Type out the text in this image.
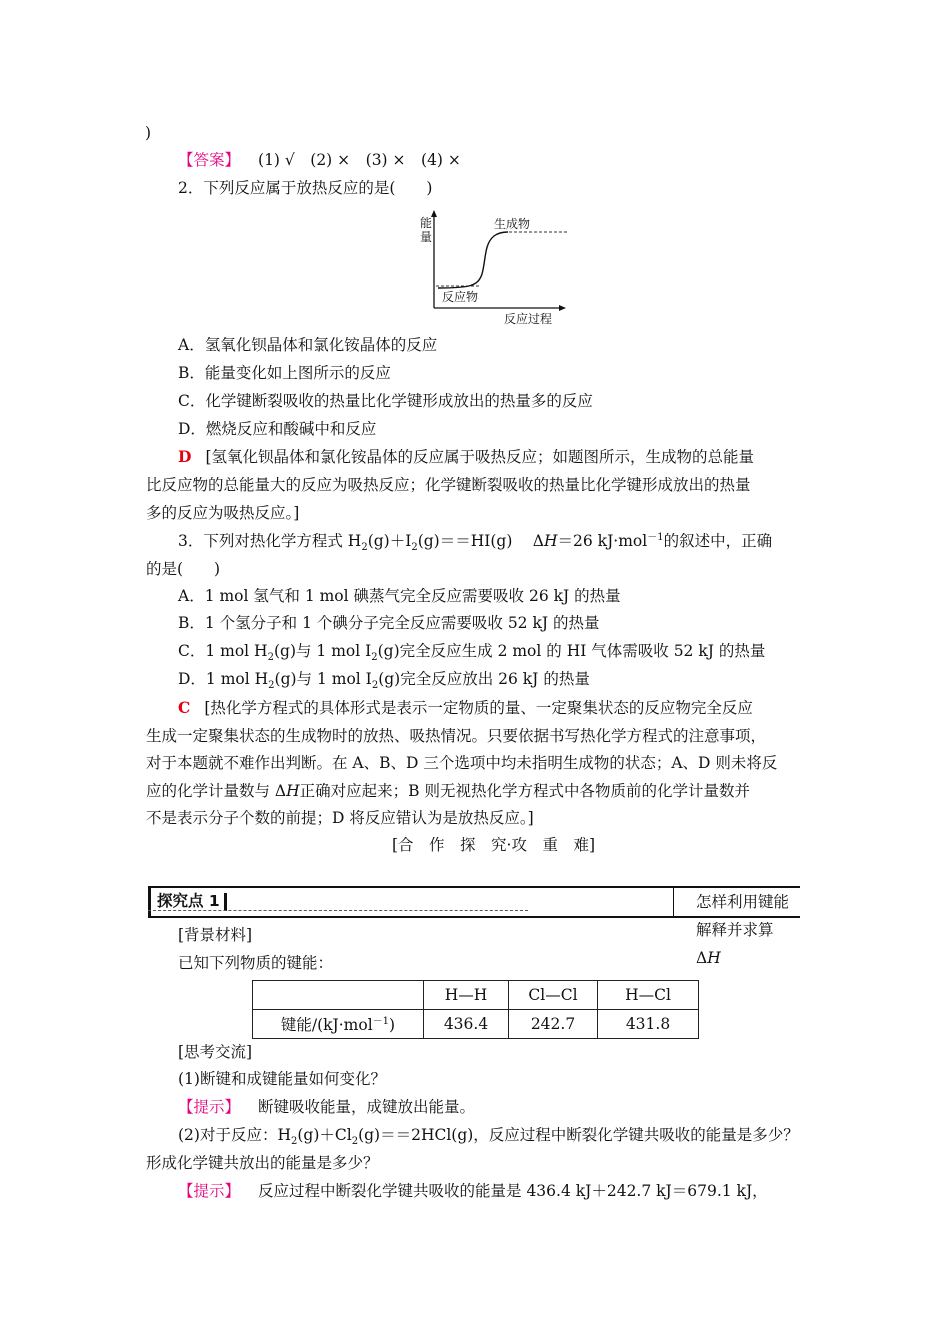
)
【答案】 (1) √　(2) ×　(3) ×　(4) ×
2．下列反应属于放热反应的是(　　)
能量
反应物
生成物
反应过程
A．氢氧化钡晶体和氯化铵晶体的反应
B．能量变化如上图所示的反应
C．化学键断裂吸收的热量比化学键形成放出的热量多的反应
D．燃烧反应和酸碱中和反应
D [氢氧化钡晶体和氯化铵晶体的反应属于吸热反应；如题图所示，生成物的总能量
比反应物的总能量大的反应为吸热反应；化学键断裂吸收的热量比化学键形成放出的热量
多的反应为吸热反应。]
3．下列对热化学方程式 $H_2(g)+I_2(g)==HI(g)$　 ΔH＝26 kJ·mol$^{-1}$的叙述中，正确
的是(　　)
A．1 mol 氢气和 1 mol 碘蒸气完全反应需要吸收 26 kJ 的热量
B．1 个氢分子和 1 个碘分子完全反应需要吸收 52 kJ 的热量
C．1 mol $H_2(g)$与 1 mol $I_2(g)$完全反应生成 2 mol 的 HI 气体需吸收 52 kJ 的热量
D．1 mol $H_2(g)$与 1 mol $I_2(g)$完全反应放出 26 kJ 的热量
C [热化学方程式的具体形式是表示一定物质的量、一定聚集状态的反应物完全反应
生成一定聚集状态的生成物时的放热、吸热情况。只要依据书写热化学方程式的注意事项，
对于本题就不难作出判断。在 A、B、D 三个选项中均未指明生成物的状态；A、D 则未将反
应的化学计量数与 ΔH正确对应起来；B 则无视热化学方程式中各物质前的化学计量数并
不是表示分子个数的前提；D 将反应错认为是放热反应。]
[合　作　探　究·攻　重　难]
探究点 1	怎样利用键能解释并求算 ΔH
[背景材料]
已知下列物质的键能：
	H—H	Cl—Cl	H—Cl
键能/(kJ·mol$^{-1}$)	436.4	242.7	431.8
[思考交流]
(1)断键和成键能量如何变化？
【提示】 断键吸收能量，成键放出能量。
(2)对于反应：$H_2(g)+Cl_2(g)==2HCl(g)$，反应过程中断裂化学键共吸收的能量是多少？
形成化学键共放出的能量是多少？
【提示】 反应过程中断裂化学键共吸收的能量是 436.4 kJ＋242.7 kJ＝679.1 kJ，
